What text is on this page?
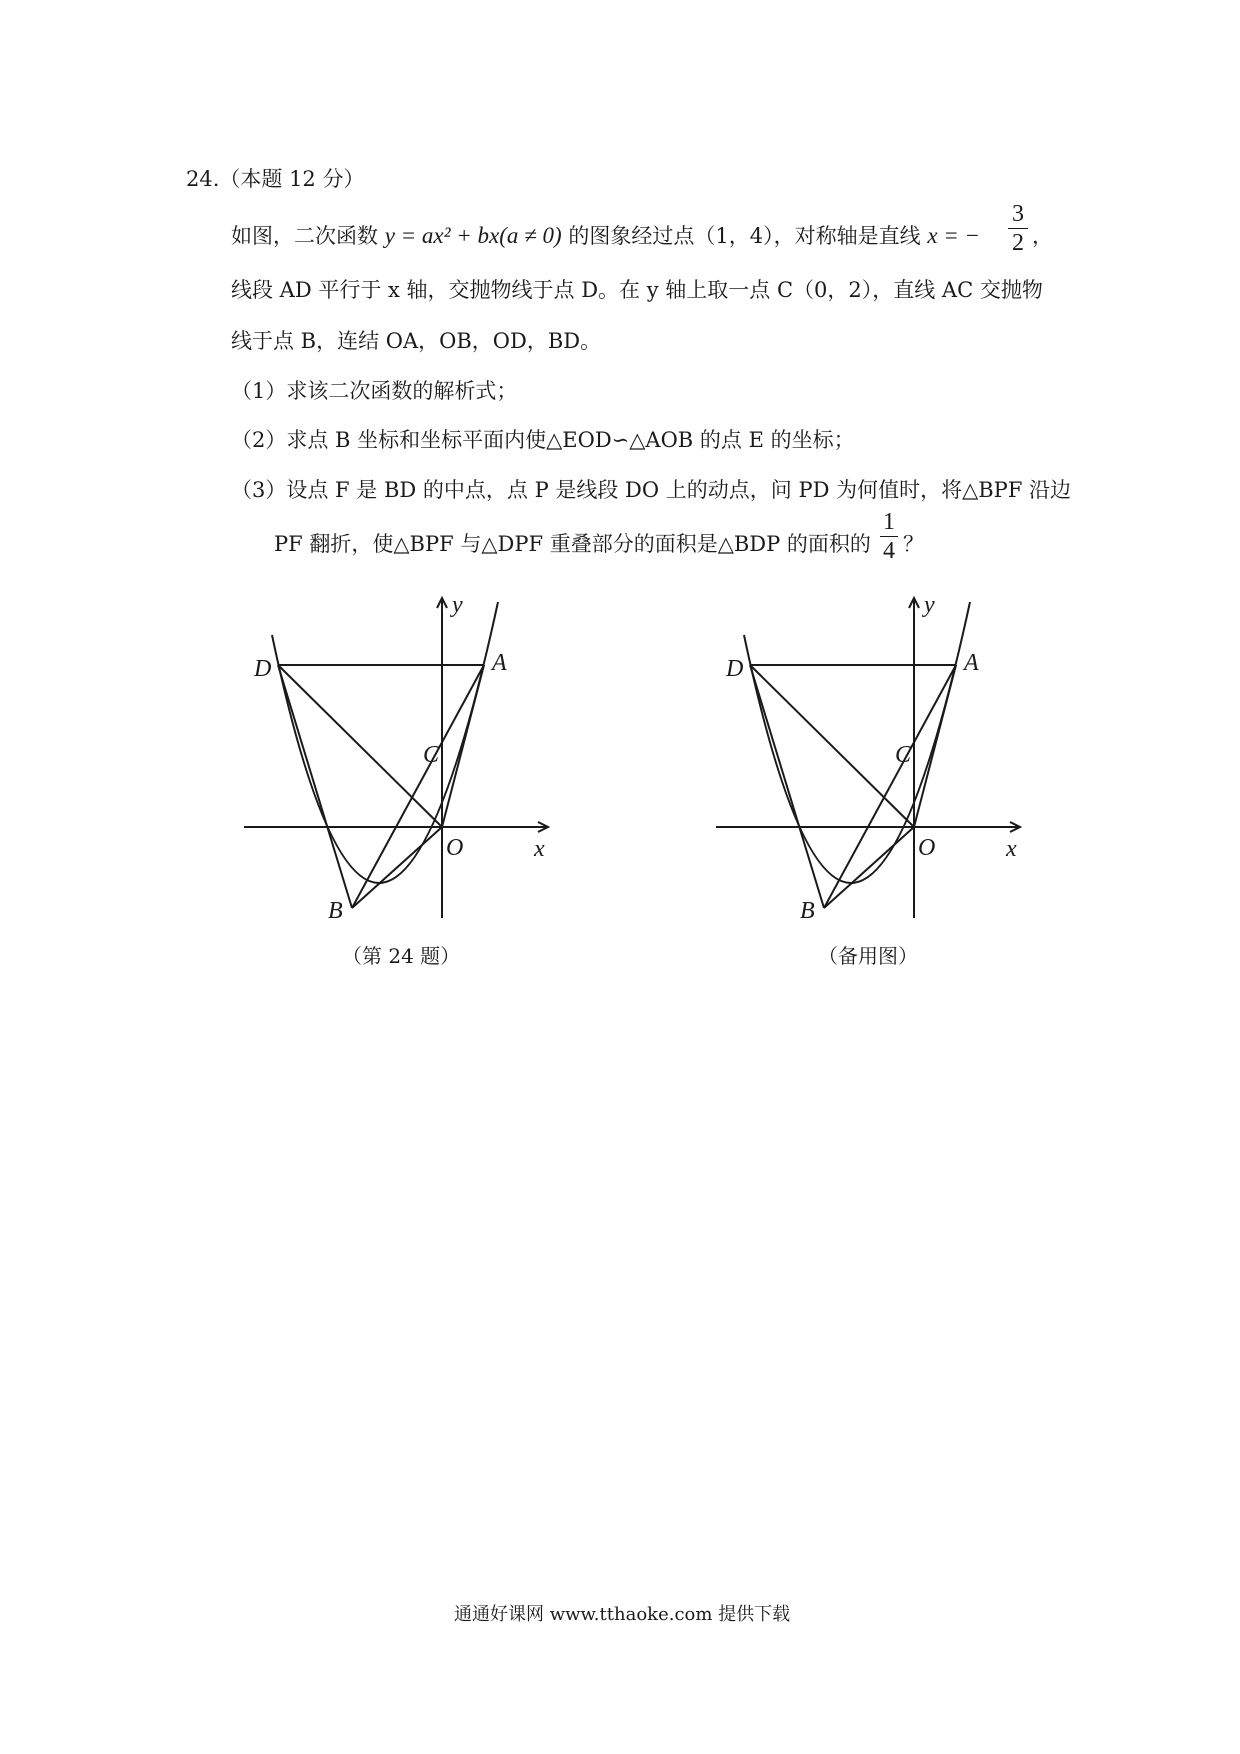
24.（本题 12 分）
如图，二次函数 y = ax² + bx(a ≠ 0) 的图象经过点（1，4），对称轴是直线 x = −
3
2 ，
线段 AD 平行于 x 轴，交抛物线于点 D。在 y 轴上取一点 C（0，2），直线 AC 交抛物
线于点 B，连结 OA，OB，OD，BD。
（1）求该二次函数的解析式；
（2）求点 B 坐标和坐标平面内使△EOD∽△AOB 的点 E 的坐标；
（3）设点 F 是 BD 的中点，点 P 是线段 DO 上的动点，问 PD 为何值时，将△BPF 沿边
PF 翻折，使△BPF 与△DPF 重叠部分的面积是△BDP 的面积的
1
4 ？
y
x
D	A
C
O
B
（第 24 题）
y
x
D	A
C
O
B
（备用图）
通通好课网 www.tthaoke.com 提供下载
